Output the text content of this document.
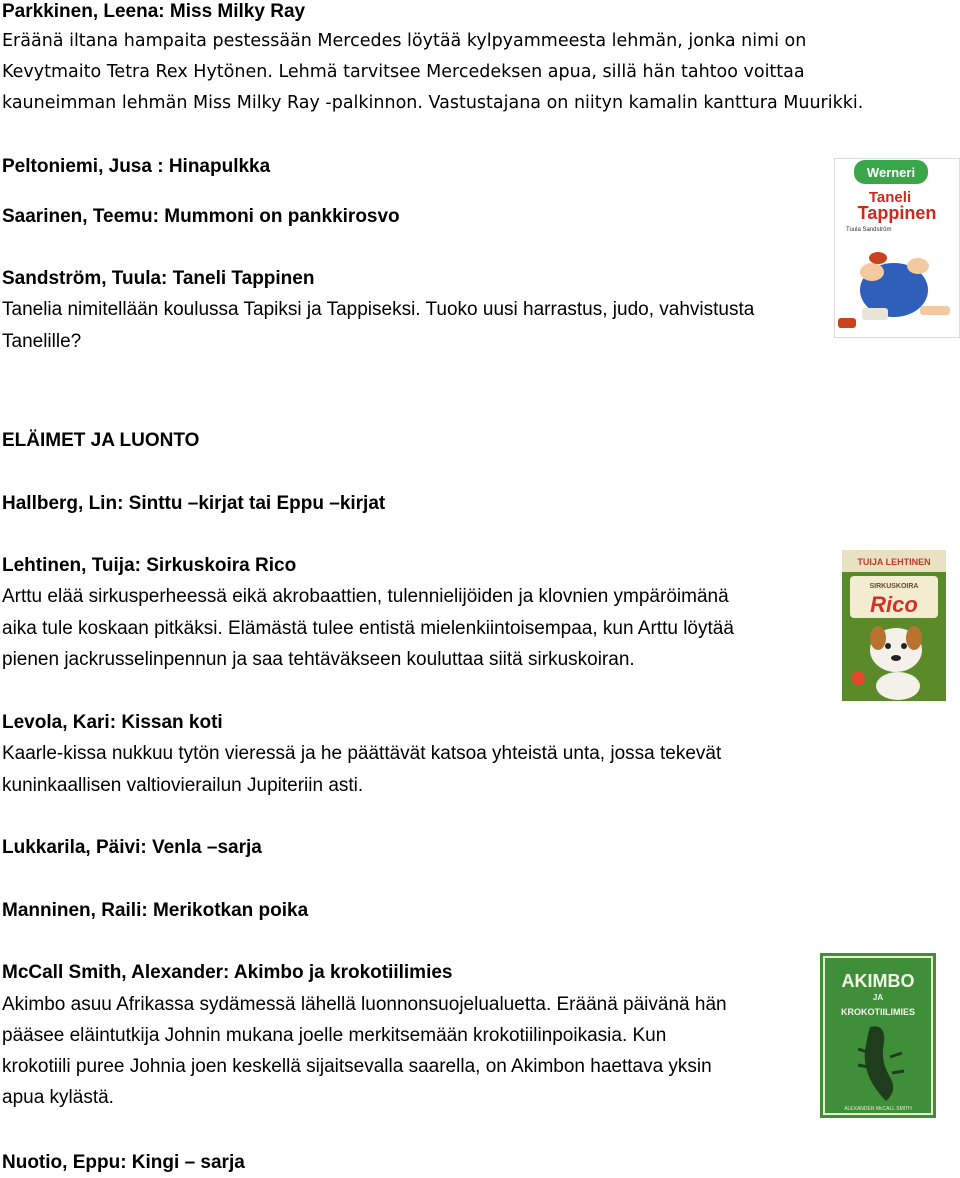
Parkkinen, Leena: Miss Milky Ray
Eräänä iltana hampaita pestessään Mercedes löytää kylpyammeesta lehmän, jonka nimi on
Kevytmaito Tetra Rex Hytönen. Lehmä tarvitsee Mercedeksen apua, sillä hän tahtoo voittaa
kauneimman lehmän Miss Milky Ray -palkinnon. Vastustajana on niityn kamalin kanttura Muurikki.
Peltoniemi, Jusa : Hinapulkka
Saarinen, Teemu: Mummoni on pankkirosvo
Sandström, Tuula: Taneli Tappinen
Tanelia nimitellään koulussa Tapiksi ja Tappiseksi. Tuoko uusi harrastus, judo, vahvistusta
Tanelille?
Werneri
Taneli
Tappinen
Tuula Sandström
ELÄIMET JA LUONTO
Hallberg, Lin: Sinttu –kirjat tai Eppu –kirjat
Lehtinen, Tuija: Sirkuskoira Rico
Arttu elää sirkusperheessä eikä akrobaattien, tulennielijöiden ja klovnien ympäröimänä
aika tule koskaan pitkäksi. Elämästä tulee entistä mielenkiintoisempaa, kun Arttu löytää
pienen jackrusselinpennun ja saa tehtäväkseen kouluttaa siitä sirkuskoiran.
TUIJA LEHTINEN
SIRKUSKOIRA
Rico
Levola, Kari: Kissan koti
Kaarle-kissa nukkuu tytön vieressä ja he päättävät katsoa yhteistä unta, jossa tekevät
kuninkaallisen valtiovierailun Jupiteriin asti.
Lukkarila, Päivi: Venla –sarja
Manninen, Raili: Merikotkan poika
McCall Smith, Alexander: Akimbo ja krokotiilimies
Akimbo asuu Afrikassa sydämessä lähellä luonnonsuojelualuetta. Eräänä päivänä hän
pääsee eläintutkija Johnin mukana joelle merkitsemään krokotiilinpoikasia. Kun
krokotiili puree Johnia joen keskellä sijaitsevalla saarella, on Akimbon haettava yksin
apua kylästä.
AKIMBO
JA
KROKOTIILIMIES
ALEXANDER McCALL SMITH
Nuotio, Eppu: Kingi – sarja
